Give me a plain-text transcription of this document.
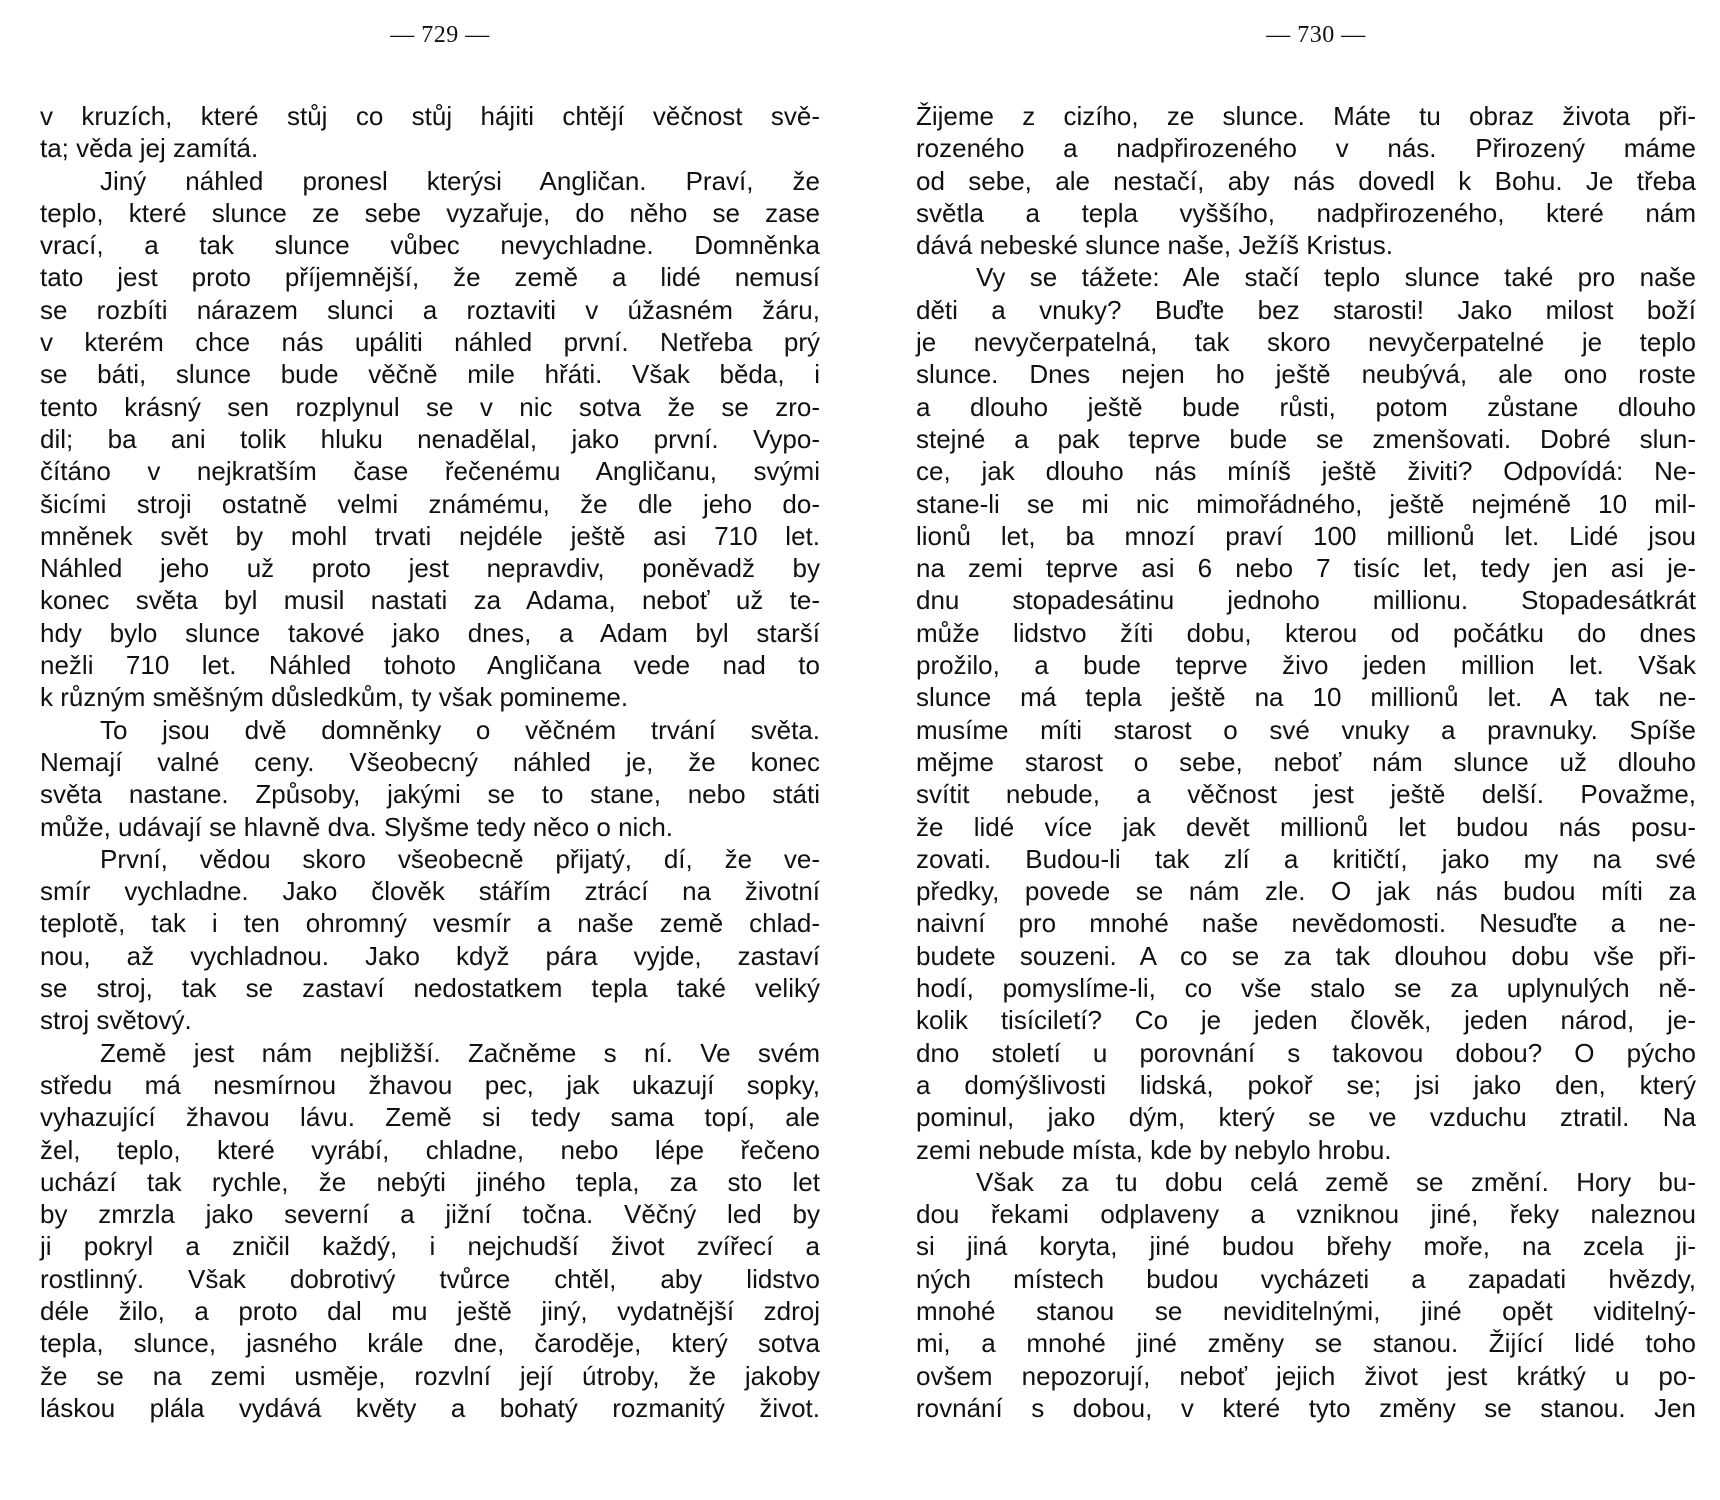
— 729 —
v kruzích, které stůj co stůj hájiti chtějí věčnost svě-
ta; věda jej zamítá.
Jiný náhled pronesl kterýsi Angličan. Praví, že
teplo, které slunce ze sebe vyzařuje, do něho se zase
vrací, a tak slunce vůbec nevychladne. Domněnka
tato jest proto příjemnější, že země a lidé nemusí
se rozbíti nárazem slunci a roztaviti v úžasném žáru,
v kterém chce nás upáliti náhled první. Netřeba prý
se báti, slunce bude věčně mile hřáti. Však běda, i
tento krásný sen rozplynul se v nic sotva že se zro-
dil; ba ani tolik hluku nenadělal, jako první. Vypo-
čítáno v nejkratším čase řečenému Angličanu, svými
šicími stroji ostatně velmi známému, že dle jeho do-
mněnek svět by mohl trvati nejdéle ještě asi 710 let.
Náhled jeho už proto jest nepravdiv, poněvadž by
konec světa byl musil nastati za Adama, neboť už te-
hdy bylo slunce takové jako dnes, a Adam byl starší
nežli 710 let. Náhled tohoto Angličana vede nad to
k různým směšným důsledkům, ty však pomineme.
To jsou dvě domněnky o věčném trvání světa.
Nemají valné ceny. Všeobecný náhled je, že konec
světa nastane. Způsoby, jakými se to stane, nebo státi
může, udávají se hlavně dva. Slyšme tedy něco o nich.
První, vědou skoro všeobecně přijatý, dí, že ve-
smír vychladne. Jako člověk stářím ztrácí na životní
teplotě, tak i ten ohromný vesmír a naše země chlad-
nou, až vychladnou. Jako když pára vyjde, zastaví
se stroj, tak se zastaví nedostatkem tepla také veliký
stroj světový.
Země jest nám nejbližší. Začněme s ní. Ve svém
středu má nesmírnou žhavou pec, jak ukazují sopky,
vyhazující žhavou lávu. Země si tedy sama topí, ale
žel, teplo, které vyrábí, chladne, nebo lépe řečeno
uchází tak rychle, že nebýti jiného tepla, za sto let
by zmrzla jako severní a jižní točna. Věčný led by
ji pokryl a zničil každý, i nejchudší život zvířecí a
rostlinný. Však dobrotivý tvůrce chtěl, aby lidstvo
déle žilo, a proto dal mu ještě jiný, vydatnější zdroj
tepla, slunce, jasného krále dne, čaroděje, který sotva
že se na zemi usměje, rozvlní její útroby, že jakoby
láskou plála vydává květy a bohatý rozmanitý život.
— 730 —
Žijeme z cizího, ze slunce. Máte tu obraz života při-
rozeného a nadpřirozeného v nás. Přirozený máme
od sebe, ale nestačí, aby nás dovedl k Bohu. Je třeba
světla a tepla vyššího, nadpřirozeného, které nám
dává nebeské slunce naše, Ježíš Kristus.
Vy se tážete: Ale stačí teplo slunce také pro naše
děti a vnuky? Buďte bez starosti! Jako milost boží
je nevyčerpatelná, tak skoro nevyčerpatelné je teplo
slunce. Dnes nejen ho ještě neubývá, ale ono roste
a dlouho ještě bude růsti, potom zůstane dlouho
stejné a pak teprve bude se zmenšovati. Dobré slun-
ce, jak dlouho nás míníš ještě živiti? Odpovídá: Ne-
stane-li se mi nic mimořádného, ještě nejméně 10 mil-
lionů let, ba mnozí praví 100 millionů let. Lidé jsou
na zemi teprve asi 6 nebo 7 tisíc let, tedy jen asi je-
dnu stopadesátinu jednoho millionu. Stopadesátkrát
může lidstvo žíti dobu, kterou od počátku do dnes
prožilo, a bude teprve živo jeden million let. Však
slunce má tepla ještě na 10 millionů let. A tak ne-
musíme míti starost o své vnuky a pravnuky. Spíše
mějme starost o sebe, neboť nám slunce už dlouho
svítit nebude, a věčnost jest ještě delší. Považme,
že lidé více jak devět millionů let budou nás posu-
zovati. Budou-li tak zlí a kritičtí, jako my na své
předky, povede se nám zle. O jak nás budou míti za
naivní pro mnohé naše nevědomosti. Nesuďte a ne-
budete souzeni. A co se za tak dlouhou dobu vše při-
hodí, pomyslíme-li, co vše stalo se za uplynulých ně-
kolik tisíciletí? Co je jeden člověk, jeden národ, je-
dno století u porovnání s takovou dobou? O pýcho
a domýšlivosti lidská, pokoř se; jsi jako den, který
pominul, jako dým, který se ve vzduchu ztratil. Na
zemi nebude místa, kde by nebylo hrobu.
Však za tu dobu celá země se změní. Hory bu-
dou řekami odplaveny a vzniknou jiné, řeky naleznou
si jiná koryta, jiné budou břehy moře, na zcela ji-
ných místech budou vycházeti a zapadati hvězdy,
mnohé stanou se neviditelnými, jiné opět viditelný-
mi, a mnohé jiné změny se stanou. Žijící lidé toho
ovšem nepozorují, neboť jejich život jest krátký u po-
rovnání s dobou, v které tyto změny se stanou. Jen
